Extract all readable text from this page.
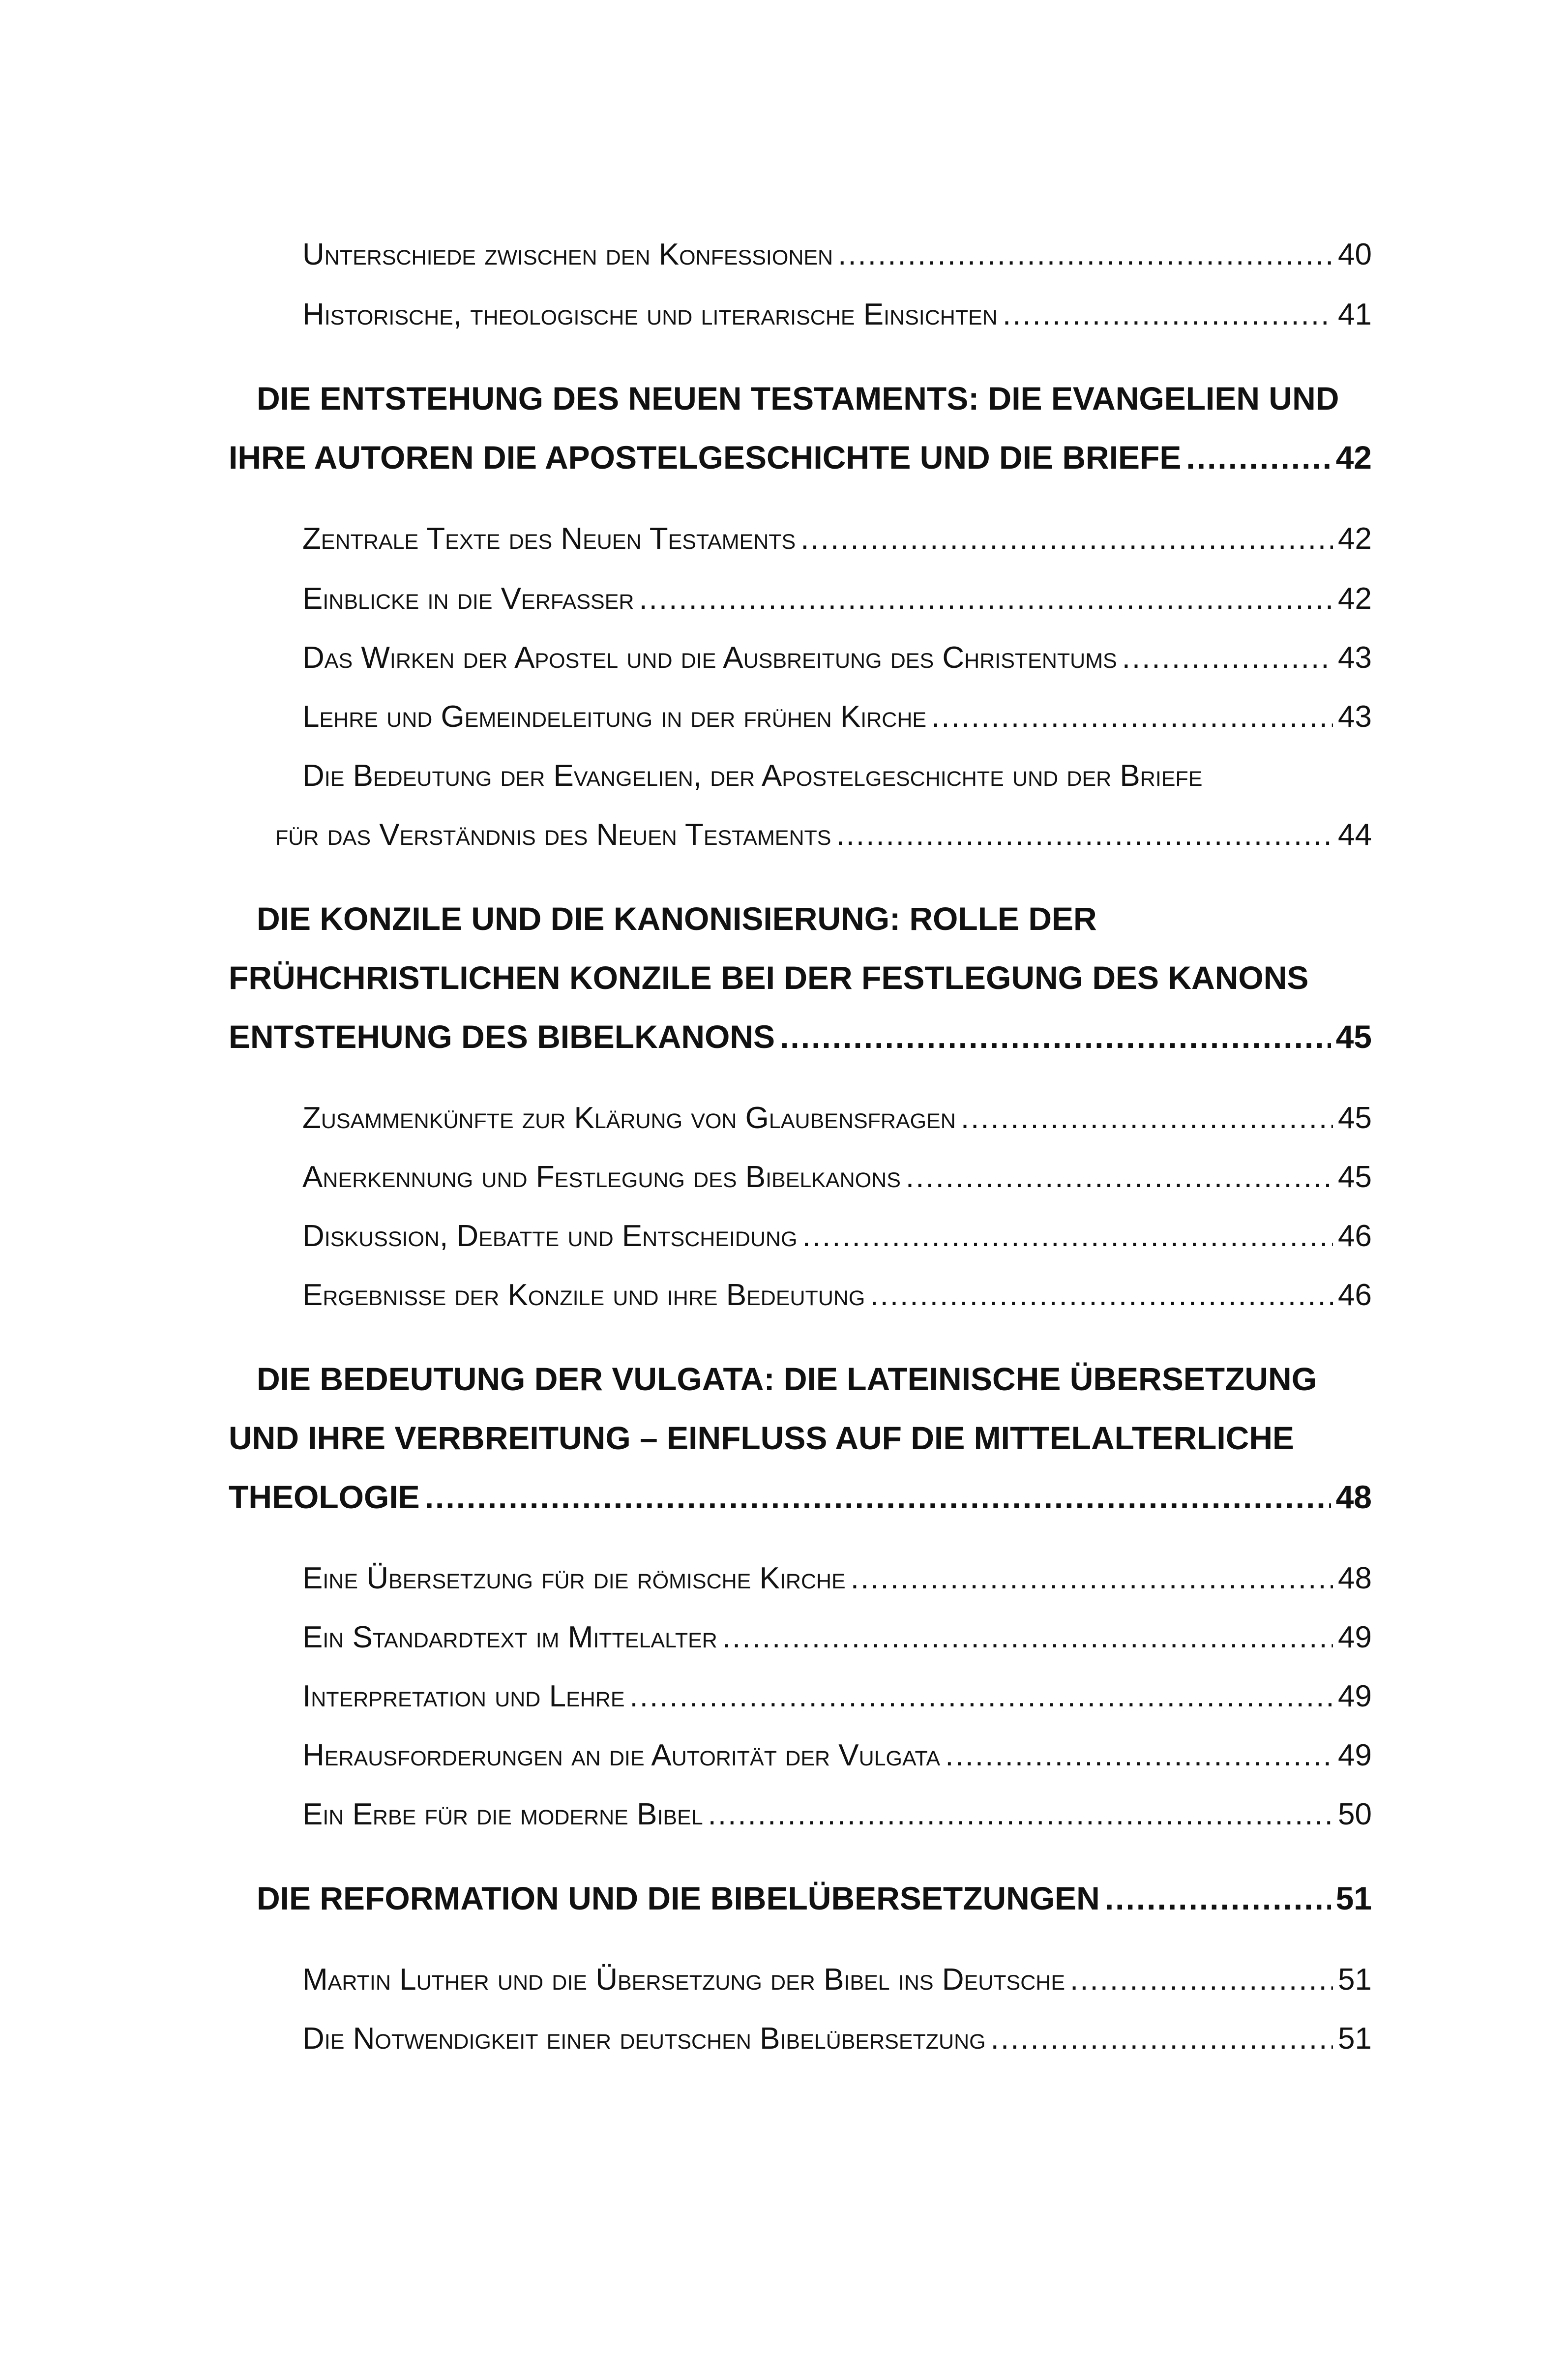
Unterschiede zwischen den Konfessionen .....	40
Historische, theologische und literarische Einsichten .....	41
DIE ENTSTEHUNG DES NEUEN TESTAMENTS: DIE EVANGELIEN UND
IHRE AUTOREN DIE APOSTELGESCHICHTE UND DIE BRIEFE .....	42
Zentrale Texte des Neuen Testaments .....	42
Einblicke in die Verfasser .....	42
Das Wirken der Apostel und die Ausbreitung des Christentums .....	43
Lehre und Gemeindeleitung in der frühen Kirche .....	43
Die Bedeutung der Evangelien, der Apostelgeschichte und der Briefe
für das Verständnis des Neuen Testaments .....	44
DIE KONZILE UND DIE KANONISIERUNG: ROLLE DER
FRÜHCHRISTLICHEN KONZILE BEI DER FESTLEGUNG DES KANONS
ENTSTEHUNG DES BIBELKANONS .....	45
Zusammenkünfte zur Klärung von Glaubensfragen .....	45
Anerkennung und Festlegung des Bibelkanons .....	45
Diskussion, Debatte und Entscheidung .....	46
Ergebnisse der Konzile und ihre Bedeutung .....	46
DIE BEDEUTUNG DER VULGATA: DIE LATEINISCHE ÜBERSETZUNG
UND IHRE VERBREITUNG – EINFLUSS AUF DIE MITTELALTERLICHE
THEOLOGIE .....	48
Eine Übersetzung für die römische Kirche .....	48
Ein Standardtext im Mittelalter .....	49
Interpretation und Lehre .....	49
Herausforderungen an die Autorität der Vulgata .....	49
Ein Erbe für die moderne Bibel .....	50
DIE REFORMATION UND DIE BIBELÜBERSETZUNGEN .....	51
Martin Luther und die Übersetzung der Bibel ins Deutsche .....	51
Die Notwendigkeit einer deutschen Bibelübersetzung .....	51
